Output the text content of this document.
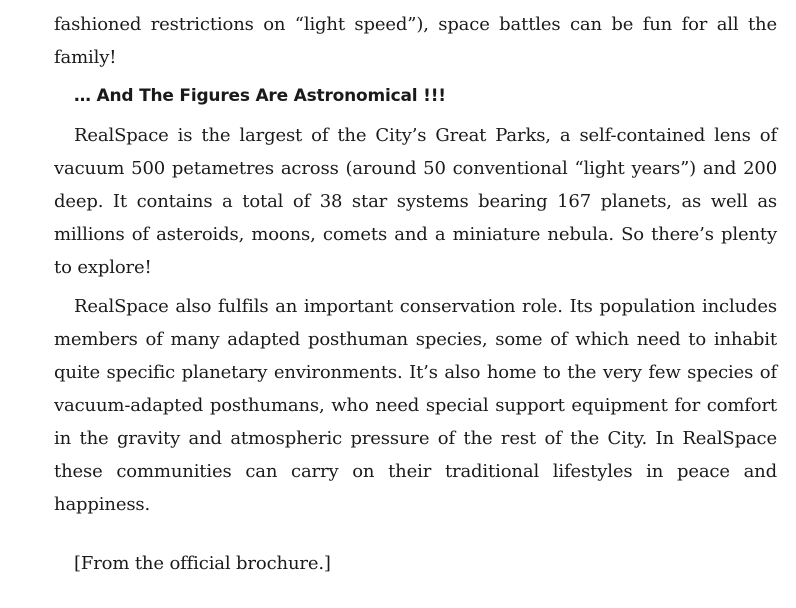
fashioned restrictions on “light speed”), space battles can be fun for all the family!

… And The Figures Are Astronomical !!!

RealSpace is the largest of the City’s Great Parks, a self-contained lens of vacuum 500 petametres across (around 50 conventional “light years”) and 200 deep. It contains a total of 38 star systems bearing 167 planets, as well as millions of asteroids, moons, comets and a miniature nebula. So there’s plenty to explore!

RealSpace also fulfils an important conservation role. Its population includes members of many adapted posthuman species, some of which need to inhabit quite specific planetary environments. It’s also home to the very few species of vacuum-adapted posthumans, who need special support equipment for comfort in the gravity and atmospheric pressure of the rest of the City. In RealSpace these communities can carry on their traditional lifestyles in peace and happiness.

[From the official brochure.]
